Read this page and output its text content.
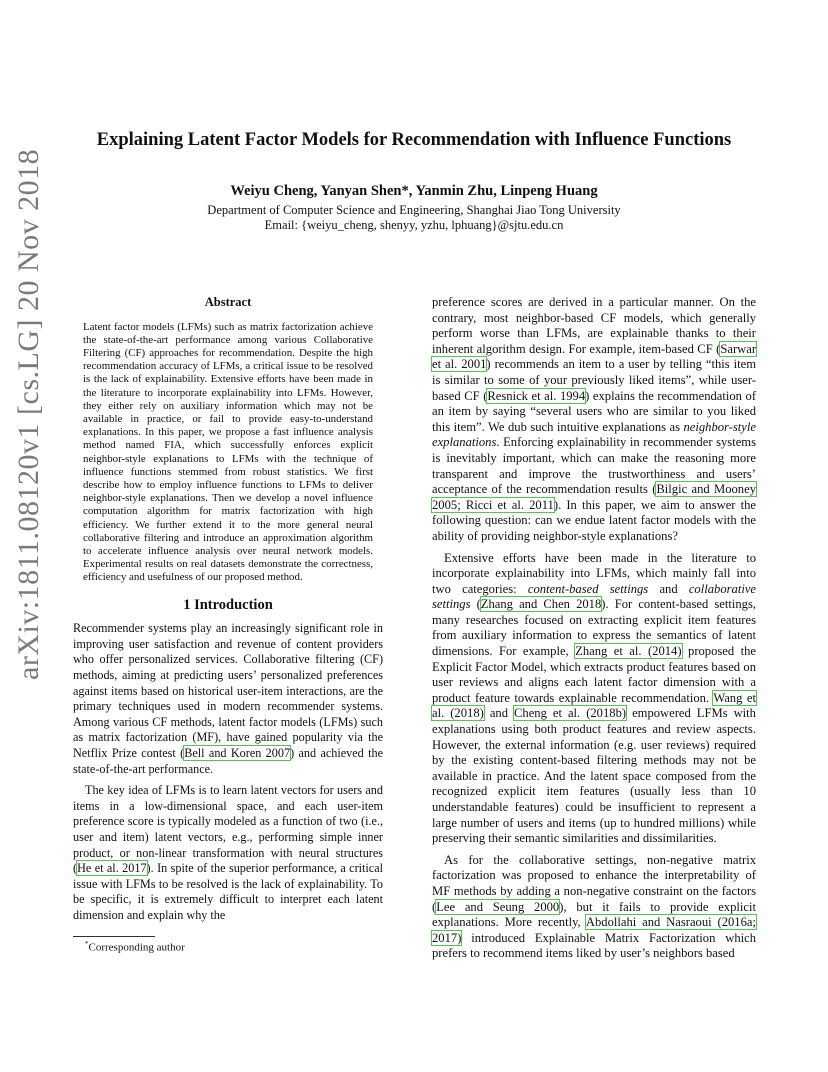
arXiv:1811.08120v1 [cs.LG] 20 Nov 2018
Explaining Latent Factor Models for Recommendation with Influence Functions
Weiyu Cheng, Yanyan Shen*, Yanmin Zhu, Linpeng Huang
Department of Computer Science and Engineering, Shanghai Jiao Tong University
Email: {weiyu_cheng, shenyy, yzhu, lphuang}@sjtu.edu.cn
Abstract

Latent factor models (LFMs) such as matrix factorization achieve the state-of-the-art performance among various Collaborative Filtering (CF) approaches for recommendation. Despite the high recommendation accuracy of LFMs, a critical issue to be resolved is the lack of explainability. Extensive efforts have been made in the literature to incorporate explainability into LFMs. However, they either rely on auxiliary information which may not be available in practice, or fail to provide easy-to-understand explanations. In this paper, we propose a fast influence analysis method named FIA, which successfully enforces explicit neighbor-style explanations to LFMs with the technique of influence functions stemmed from robust statistics. We first describe how to employ influence functions to LFMs to deliver neighbor-style explanations. Then we develop a novel influence computation algorithm for matrix factorization with high efficiency. We further extend it to the more general neural collaborative filtering and introduce an approximation algorithm to accelerate influence analysis over neural network models. Experimental results on real datasets demonstrate the correctness, efficiency and usefulness of our proposed method.

1 Introduction

Recommender systems play an increasingly significant role in improving user satisfaction and revenue of content providers who offer personalized services. Collaborative filtering (CF) methods, aiming at predicting users’ personalized preferences against items based on historical user-item interactions, are the primary techniques used in modern recommender systems. Among various CF methods, latent factor models (LFMs) such as matrix factorization (MF), have gained popularity via the Netflix Prize contest (Bell and Koren 2007) and achieved the state-of-the-art performance.

The key idea of LFMs is to learn latent vectors for users and items in a low-dimensional space, and each user-item preference score is typically modeled as a function of two (i.e., user and item) latent vectors, e.g., performing simple inner product, or non-linear transformation with neural structures (He et al. 2017). In spite of the superior performance, a critical issue with LFMs to be resolved is the lack of explainability. To be specific, it is extremely difficult to interpret each latent dimension and explain why the

*Corresponding author

preference scores are derived in a particular manner. On the contrary, most neighbor-based CF models, which generally perform worse than LFMs, are explainable thanks to their inherent algorithm design. For example, item-based CF (Sarwar et al. 2001) recommends an item to a user by telling “this item is similar to some of your previously liked items”, while user-based CF (Resnick et al. 1994) explains the recommendation of an item by saying “several users who are similar to you liked this item”. We dub such intuitive explanations as neighbor-style explanations. Enforcing explainability in recommender systems is inevitably important, which can make the reasoning more transparent and improve the trustworthiness and users’ acceptance of the recommendation results (Bilgic and Mooney 2005; Ricci et al. 2011). In this paper, we aim to answer the following question: can we endue latent factor models with the ability of providing neighbor-style explanations?

Extensive efforts have been made in the literature to incorporate explainability into LFMs, which mainly fall into two categories: content-based settings and collaborative settings (Zhang and Chen 2018). For content-based settings, many researches focused on extracting explicit item features from auxiliary information to express the semantics of latent dimensions. For example, Zhang et al. (2014) proposed the Explicit Factor Model, which extracts product features based on user reviews and aligns each latent factor dimension with a product feature towards explainable recommendation. Wang et al. (2018) and Cheng et al. (2018b) empowered LFMs with explanations using both product features and review aspects. However, the external information (e.g. user reviews) required by the existing content-based filtering methods may not be available in practice. And the latent space composed from the recognized explicit item features (usually less than 10 understandable features) could be insufficient to represent a large number of users and items (up to hundred millions) while preserving their semantic similarities and dissimilarities.

As for the collaborative settings, non-negative matrix factorization was proposed to enhance the interpretability of MF methods by adding a non-negative constraint on the factors (Lee and Seung 2000), but it fails to provide explicit explanations. More recently, Abdollahi and Nasraoui (2016a; 2017) introduced Explainable Matrix Factorization which prefers to recommend items liked by user’s neighbors based
